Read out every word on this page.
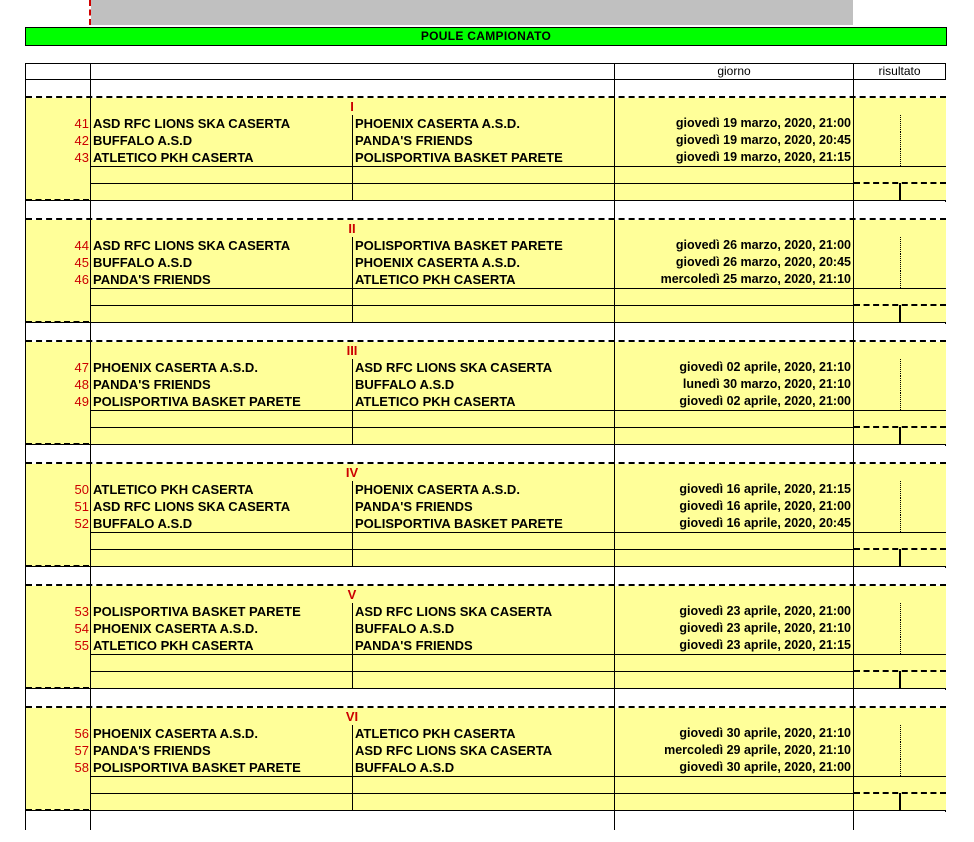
POULE CAMPIONATO
giorno	risultato
I
41 ASD RFC LIONS SKA CASERTA	PHOENIX CASERTA A.S.D.	giovedì 19 marzo, 2020, 21:00
42 BUFFALO A.S.D	PANDA'S FRIENDS	giovedì 19 marzo, 2020, 20:45
43 ATLETICO PKH CASERTA	POLISPORTIVA BASKET PARETE	giovedì 19 marzo, 2020, 21:15
II
44 ASD RFC LIONS SKA CASERTA	POLISPORTIVA BASKET PARETE	giovedì 26 marzo, 2020, 21:00
45 BUFFALO A.S.D	PHOENIX CASERTA A.S.D.	giovedì 26 marzo, 2020, 20:45
46 PANDA'S FRIENDS	ATLETICO PKH CASERTA	mercoledì 25 marzo, 2020, 21:10
III
47 PHOENIX CASERTA A.S.D.	ASD RFC LIONS SKA CASERTA	giovedì 02 aprile, 2020, 21:10
48 PANDA'S FRIENDS	BUFFALO A.S.D	lunedì 30 marzo, 2020, 21:10
49 POLISPORTIVA BASKET PARETE	ATLETICO PKH CASERTA	giovedì 02 aprile, 2020, 21:00
IV
50 ATLETICO PKH CASERTA	PHOENIX CASERTA A.S.D.	giovedì 16 aprile, 2020, 21:15
51 ASD RFC LIONS SKA CASERTA	PANDA'S FRIENDS	giovedì 16 aprile, 2020, 21:00
52 BUFFALO A.S.D	POLISPORTIVA BASKET PARETE	giovedì 16 aprile, 2020, 20:45
V
53 POLISPORTIVA BASKET PARETE	ASD RFC LIONS SKA CASERTA	giovedì 23 aprile, 2020, 21:00
54 PHOENIX CASERTA A.S.D.	BUFFALO A.S.D	giovedì 23 aprile, 2020, 21:10
55 ATLETICO PKH CASERTA	PANDA'S FRIENDS	giovedì 23 aprile, 2020, 21:15
VI
56 PHOENIX CASERTA A.S.D.	ATLETICO PKH CASERTA	giovedì 30 aprile, 2020, 21:10
57 PANDA'S FRIENDS	ASD RFC LIONS SKA CASERTA	mercoledì 29 aprile, 2020, 21:10
58 POLISPORTIVA BASKET PARETE	BUFFALO A.S.D	giovedì 30 aprile, 2020, 21:00
